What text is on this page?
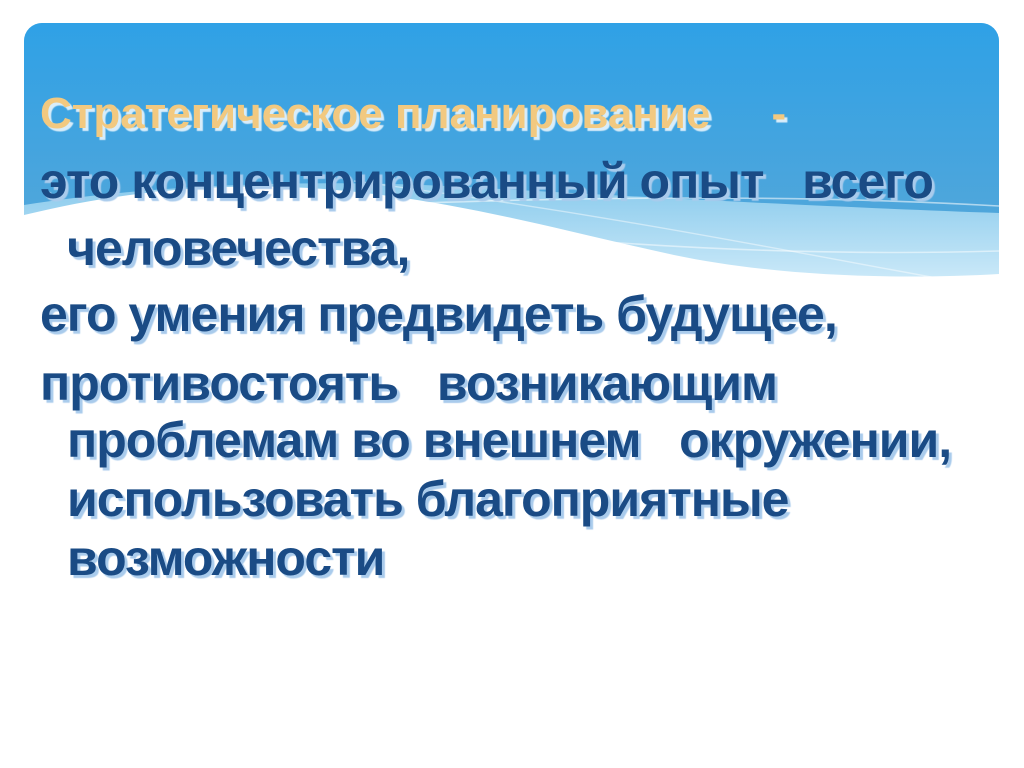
Стратегическое планирование     -
это концентрированный опыт   всего
человечества,
его умения предвидеть будущее,
противостоять   возникающим
проблемам во внешнем   окружении,
использовать благоприятные
возможности
